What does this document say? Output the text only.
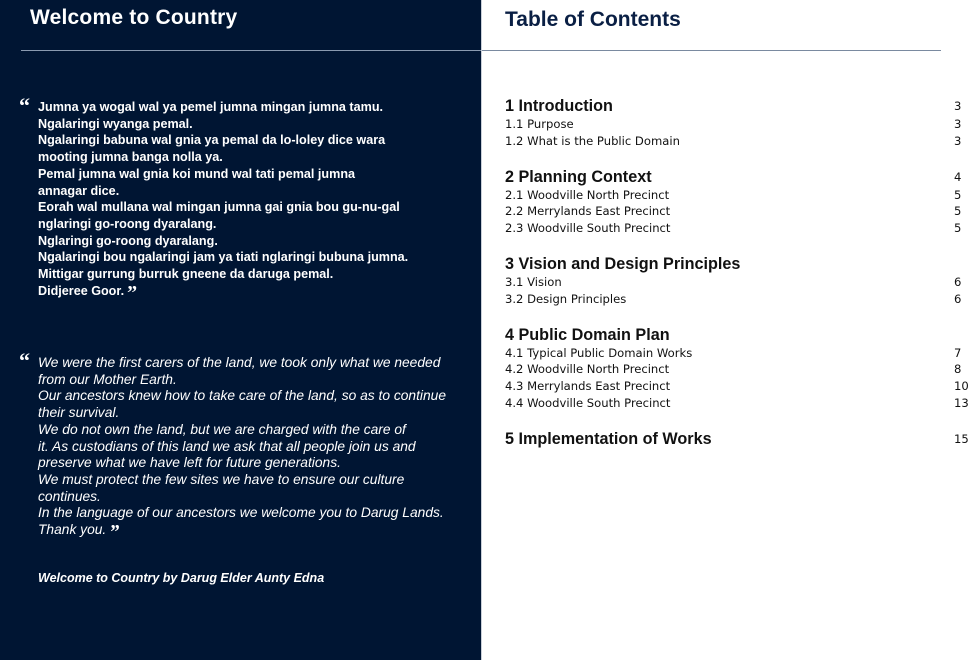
Welcome to Country
“ Jumna ya wogal wal ya pemel jumna mingan jumna tamu.
Ngalaringi wyanga pemal.
Ngalaringi babuna wal gnia ya pemal da lo-loley dice wara
mooting jumna banga nolla ya.
Pemal jumna wal gnia koi mund wal tati pemal jumna
annagar dice.
Eorah wal mullana wal mingan jumna gai gnia bou gu-nu-gal
nglaringi go-roong dyaralang.
Nglaringi go-roong dyaralang.
Ngalaringi bou ngalaringi jam ya tiati nglaringi bubuna jumna.
Mittigar gurrung burruk gneene da daruga pemal.
Didjeree Goor. ”
“ We were the first carers of the land, we took only what we needed
from our Mother Earth.
Our ancestors knew how to take care of the land, so as to continue
their survival.
We do not own the land, but we are charged with the care of
it. As custodians of this land we ask that all people join us and
preserve what we have left for future generations.
We must protect the few sites we have to ensure our culture
continues.
In the language of our ancestors we welcome you to Darug Lands.
Thank you. ”
Welcome to Country by Darug Elder Aunty Edna
Table of Contents
1 Introduction	3
1.1 Purpose	3
1.2 What is the Public Domain	3
2 Planning Context	4
2.1 Woodville North Precinct	5
2.2 Merrylands East Precinct	5
2.3 Woodville South Precinct	5
3 Vision and Design Principles
3.1 Vision	6
3.2 Design Principles	6
4 Public Domain Plan
4.1 Typical Public Domain Works	7
4.2 Woodville North Precinct	8
4.3 Merrylands East Precinct	10
4.4 Woodville South Precinct	13
5 Implementation of Works	15
